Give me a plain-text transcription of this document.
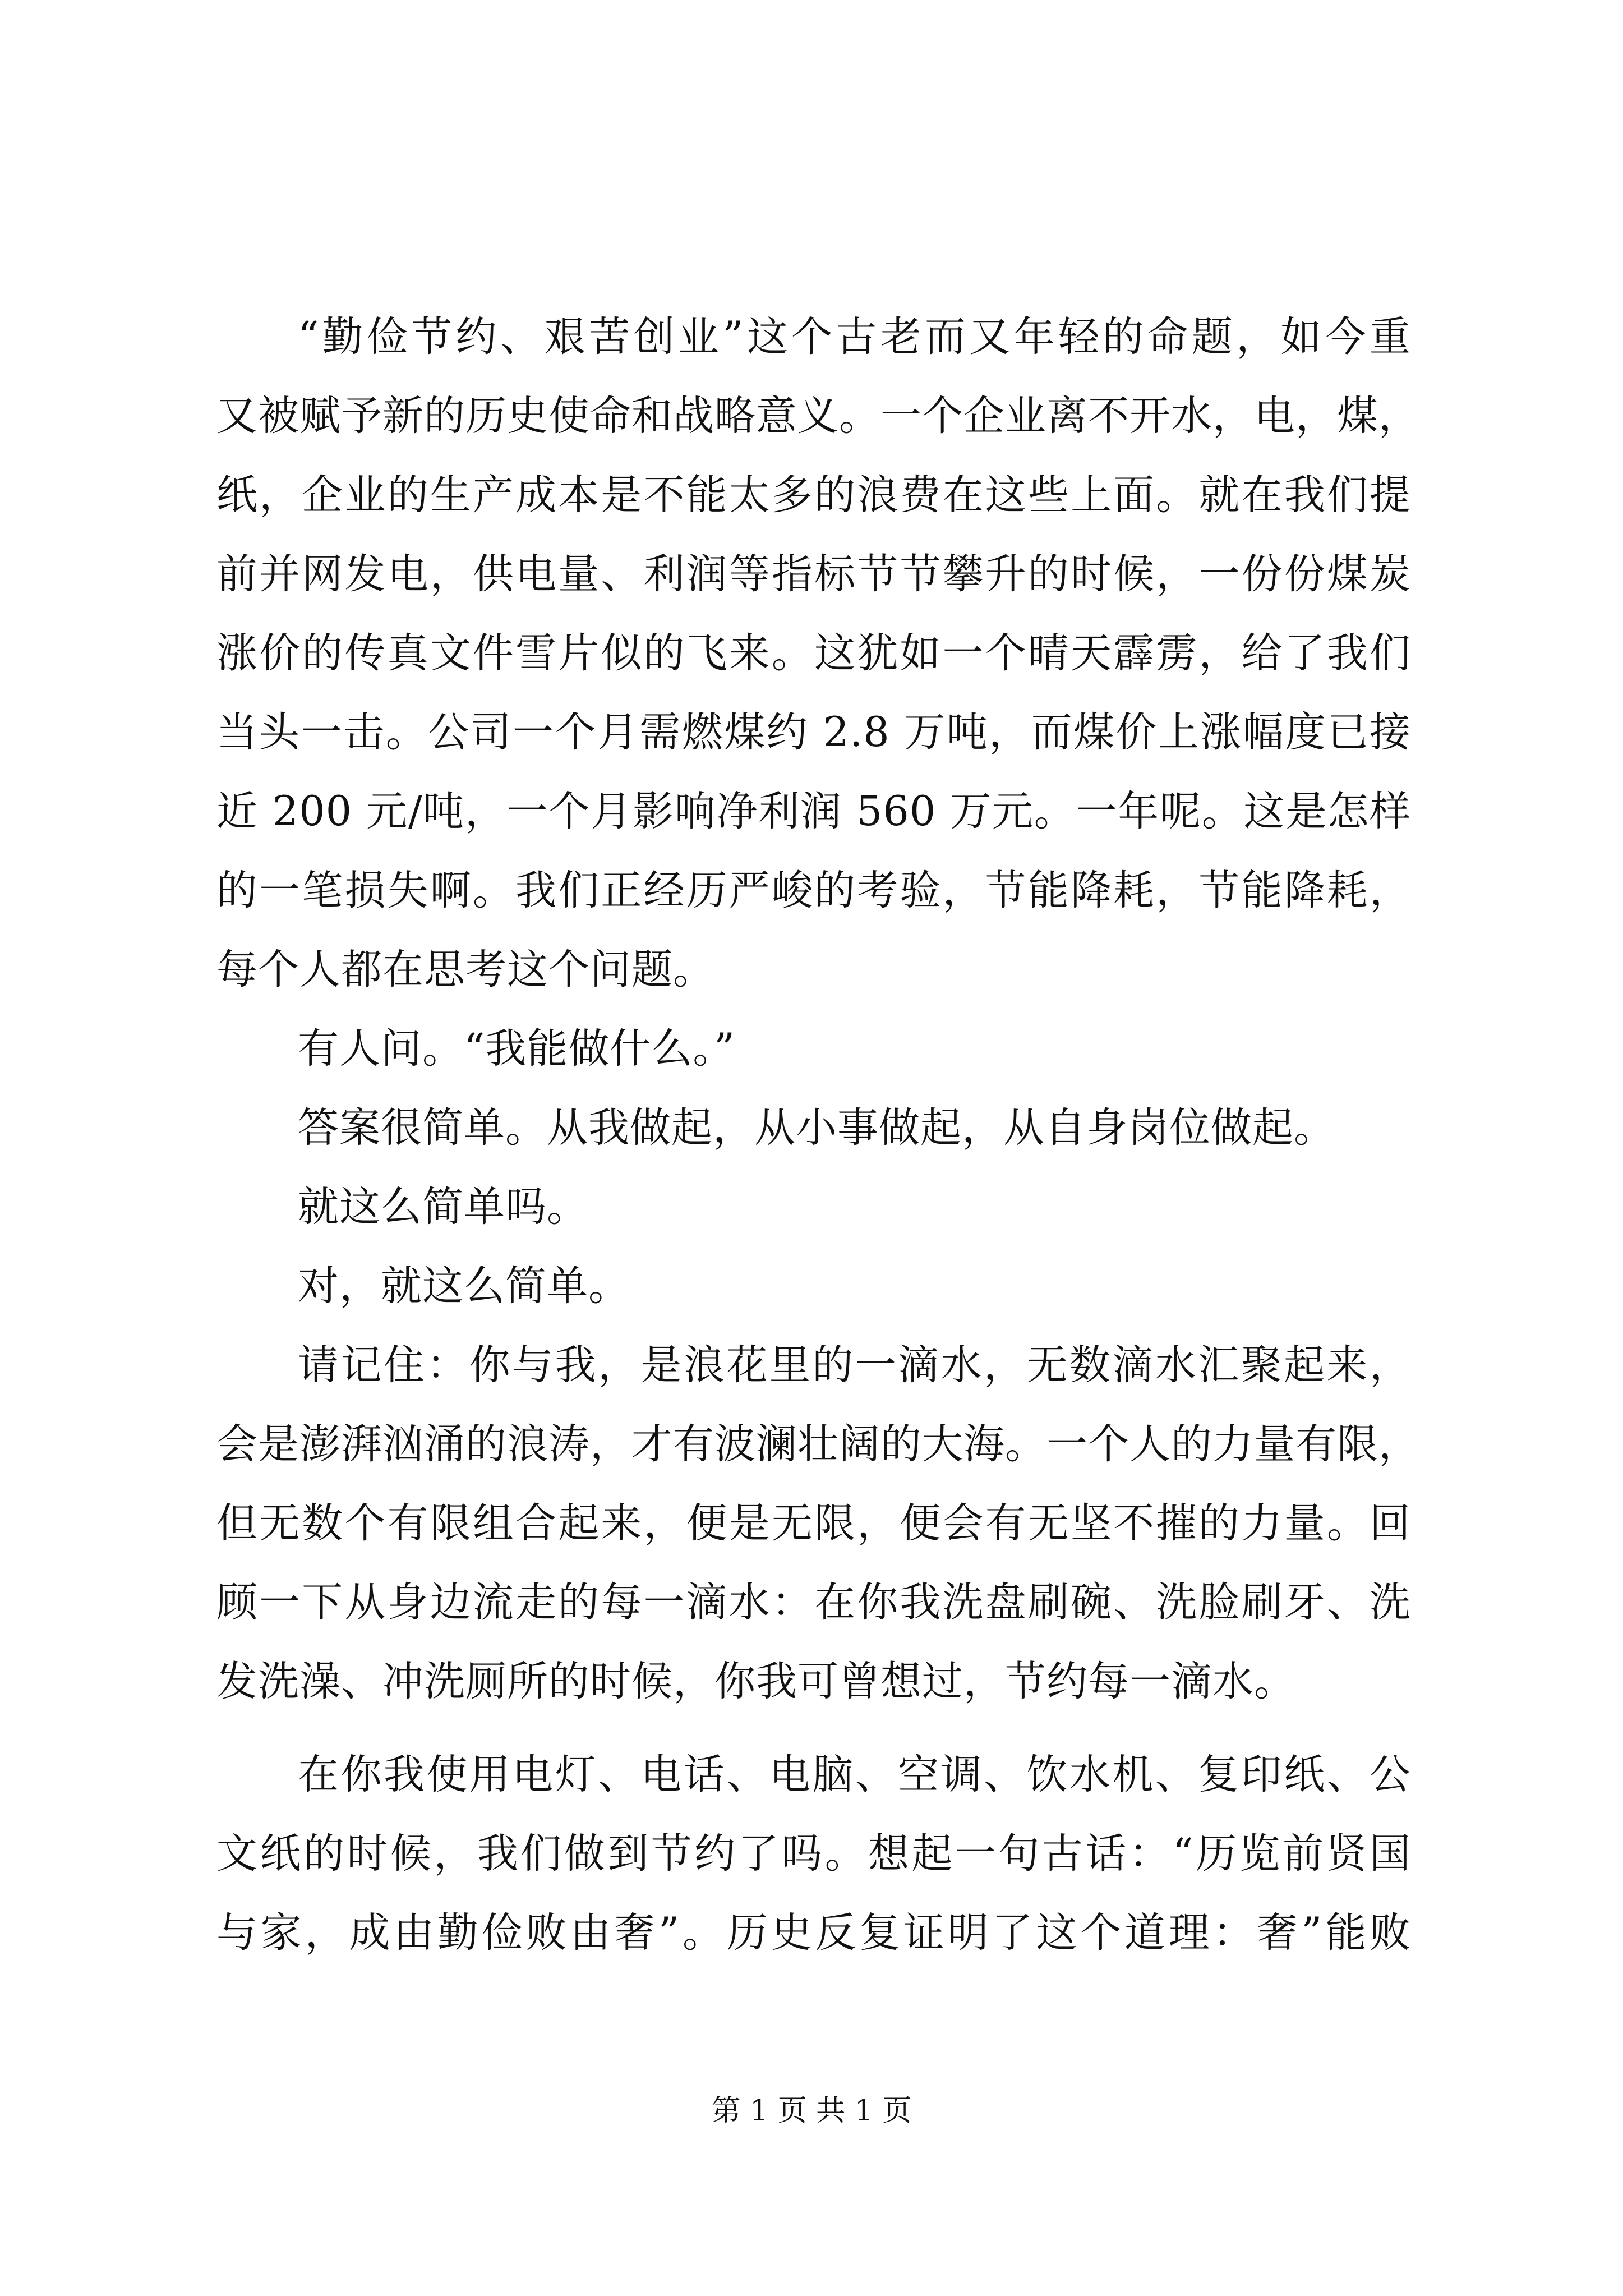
“勤俭节约、艰苦创业”这个古老而又年轻的命题，如今重
又被赋予新的历史使命和战略意义。一个企业离不开水，电，煤，
纸，企业的生产成本是不能太多的浪费在这些上面。就在我们提
前并网发电，供电量、利润等指标节节攀升的时候，一份份煤炭
涨价的传真文件雪片似的飞来。这犹如一个晴天霹雳，给了我们
当头一击。公司一个月需燃煤约 2.8 万吨，而煤价上涨幅度已接
近 200 元/吨，一个月影响净利润 560 万元。一年呢。这是怎样
的一笔损失啊。我们正经历严峻的考验，节能降耗，节能降耗，
每个人都在思考这个问题。
有人问。“我能做什么。”
答案很简单。从我做起，从小事做起，从自身岗位做起。
就这么简单吗。
对，就这么简单。
请记住：你与我，是浪花里的一滴水，无数滴水汇聚起来，
会是澎湃汹涌的浪涛，才有波澜壮阔的大海。一个人的力量有限，
但无数个有限组合起来，便是无限，便会有无坚不摧的力量。回
顾一下从身边流走的每一滴水：在你我洗盘刷碗、洗脸刷牙、洗
发洗澡、冲洗厕所的时候，你我可曾想过，节约每一滴水。
在你我使用电灯、电话、电脑、空调、饮水机、复印纸、公
文纸的时候，我们做到节约了吗。想起一句古话：“历览前贤国
与家，成由勤俭败由奢”。历史反复证明了这个道理：奢”能败
第 1 页 共 1 页
